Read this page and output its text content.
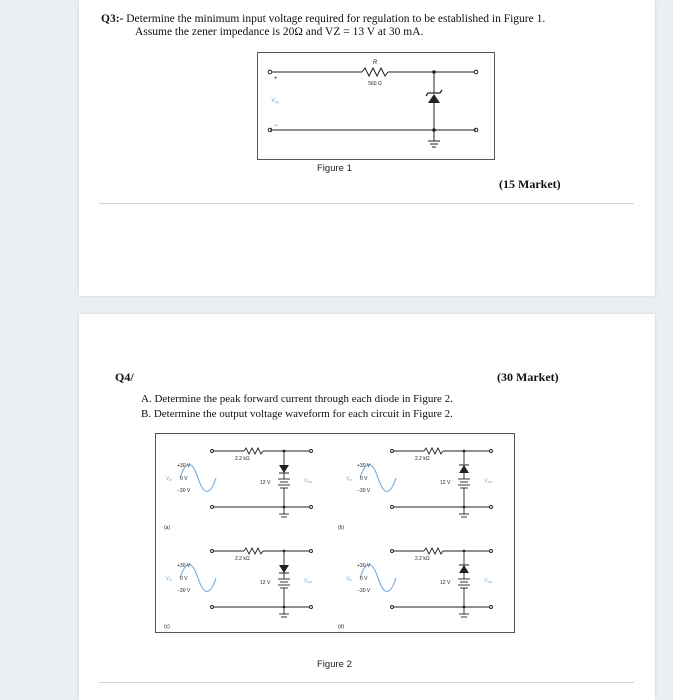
Q3:- Determine the minimum input voltage required for regulation to be established in Figure 1.
Assume the zener impedance is 20Ω and VZ = 13 V at 30 mA.
R
560 Ω
+
−
$V_{IN}$
Figure 1
(15 Market)
Q4/	(30 Market)
A. Determine the peak forward current through each diode in Figure 2.
B. Determine the output voltage waveform for each circuit in Figure 2.
2.2 kΩ
12 V
+30 V
0 V
−30 V
$V_{in}$	$V_{out}$
(a)
2.2 kΩ
12 V
+30 V
0 V
−30 V
$V_{in}$	$V_{out}$
(b)
2.2 kΩ
12 V
+30 V
0 V
−30 V
$V_{in}$	$V_{out}$
(c)
2.2 kΩ
12 V
+30 V
0 V
−30 V
$V_{in}$	$V_{out}$
(d)
Figure 2
